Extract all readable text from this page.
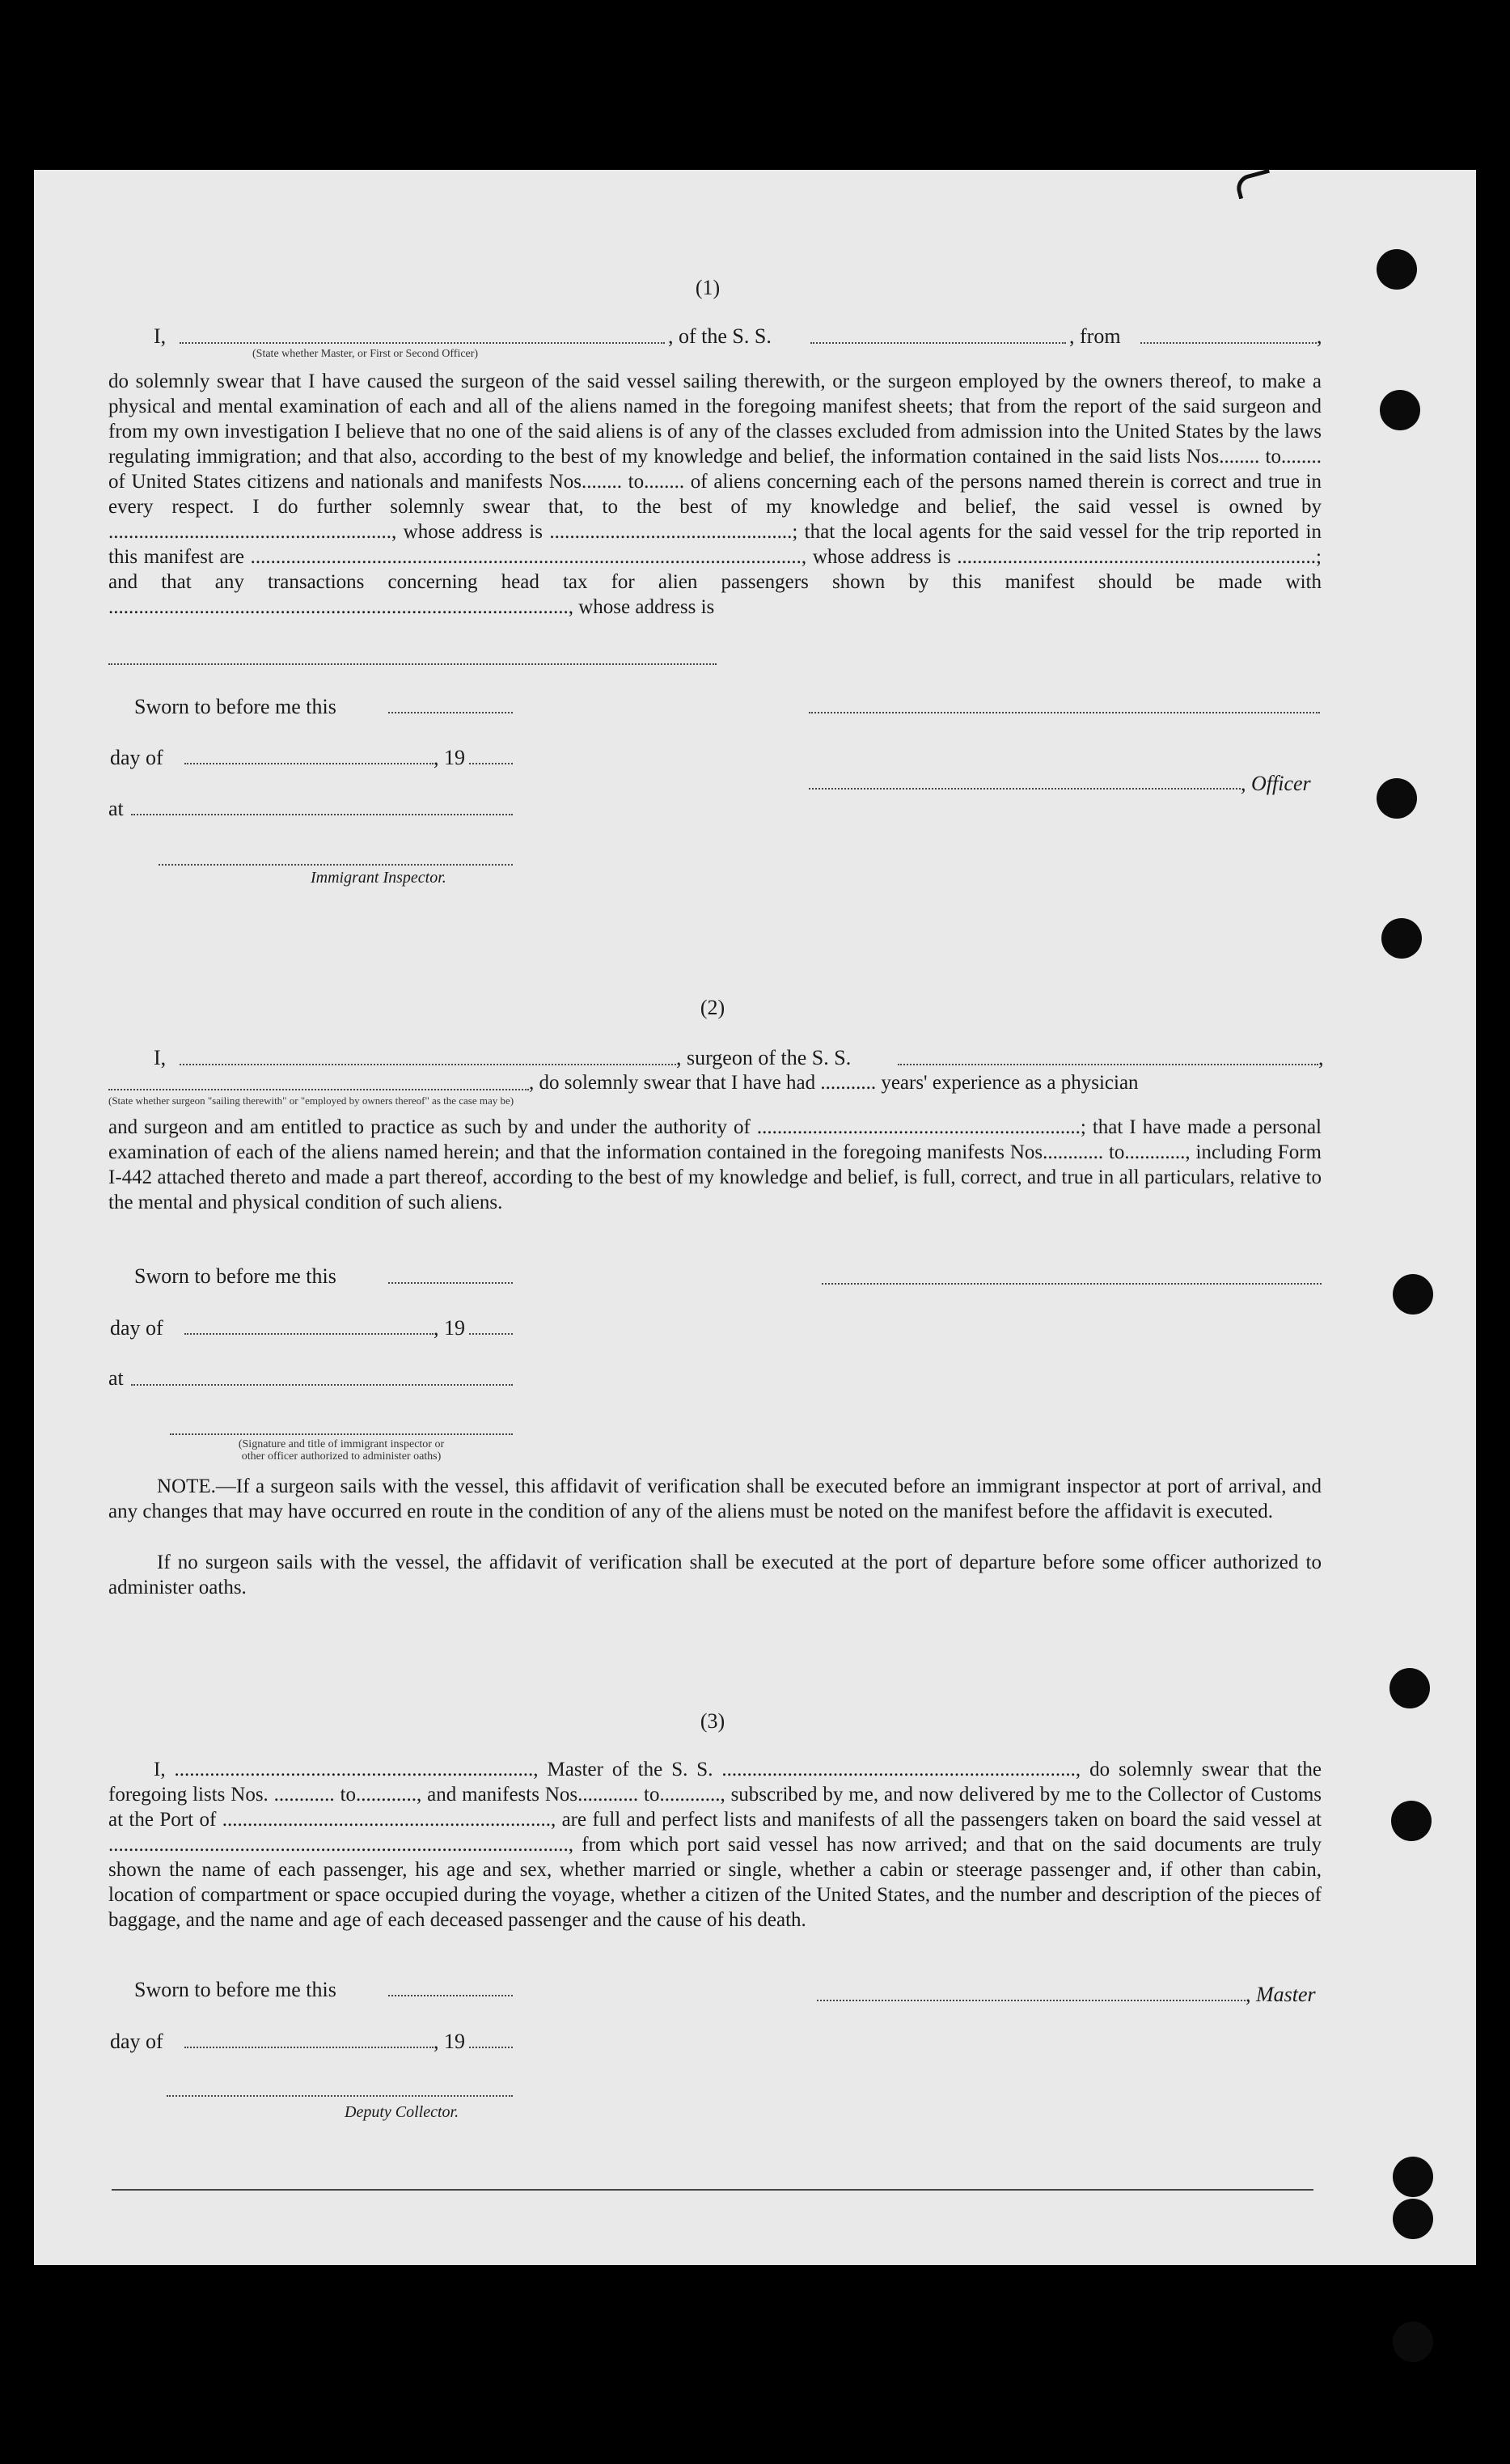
(1)
I,	, of the S. S.	, from	,
(State whether Master, or First or Second Officer)
do solemnly swear that I have caused the surgeon of the said vessel sailing therewith, or the surgeon employed by the owners thereof, to make a physical and mental examination of each and all of the aliens named in the foregoing manifest sheets; that from the report of the said surgeon and from my own investigation I believe that no one of the said aliens is of any of the classes excluded from admission into the United States by the laws regulating immigration; and that also, according to the best of my knowledge and belief, the information contained in the said lists Nos........ to........ of United States citizens and nationals and manifests Nos........ to........ of aliens concerning each of the persons named therein is correct and true in every respect. I do further solemnly swear that, to the best of my knowledge and belief, the said vessel is owned by ........................................................, whose address is ................................................; that the local agents for the said vessel for the trip reported in this manifest are ............................................................................................................., whose address is .......................................................................; and that any transactions concerning head tax for alien passengers shown by this manifest should be made with ..........................................................................................., whose address is
Sworn to before me this
day of	, 19
, Officer
at
Immigrant Inspector.
(2)
I,	, surgeon of the S. S.	,
, do solemnly swear that I have had ........... years' experience as a physician
(State whether surgeon "sailing therewith" or "employed by owners thereof" as the case may be)
and surgeon and am entitled to practice as such by and under the authority of ................................................................; that I have made a personal examination of each of the aliens named herein; and that the information contained in the foregoing manifests Nos............ to............, including Form I-442 attached thereto and made a part thereof, according to the best of my knowledge and belief, is full, correct, and true in all particulars, relative to the mental and physical condition of such aliens.
Sworn to before me this
day of	, 19
at
(Signature and title of immigrant inspector or
other officer authorized to administer oaths)
NOTE.—If a surgeon sails with the vessel, this affidavit of verification shall be executed before an immigrant inspector at port of arrival, and any changes that may have occurred en route in the condition of any of the aliens must be noted on the manifest before the affidavit is executed.
If no surgeon sails with the vessel, the affidavit of verification shall be executed at the port of departure before some officer authorized to administer oaths.
(3)
I, ......................................................................., Master of the S. S. ......................................................................, do solemnly swear that the foregoing lists Nos. ............ to............, and manifests Nos............ to............, subscribed by me, and now delivered by me to the Collector of Customs at the Port of ................................................................., are full and perfect lists and manifests of all the passengers taken on board the said vessel at ..........................................................................................., from which port said vessel has now arrived; and that on the said documents are truly shown the name of each passenger, his age and sex, whether married or single, whether a cabin or steerage passenger and, if other than cabin, location of compartment or space occupied during the voyage, whether a citizen of the United States, and the number and description of the pieces of baggage, and the name and age of each deceased passenger and the cause of his death.
Sworn to before me this	, Master
day of	, 19
Deputy Collector.
